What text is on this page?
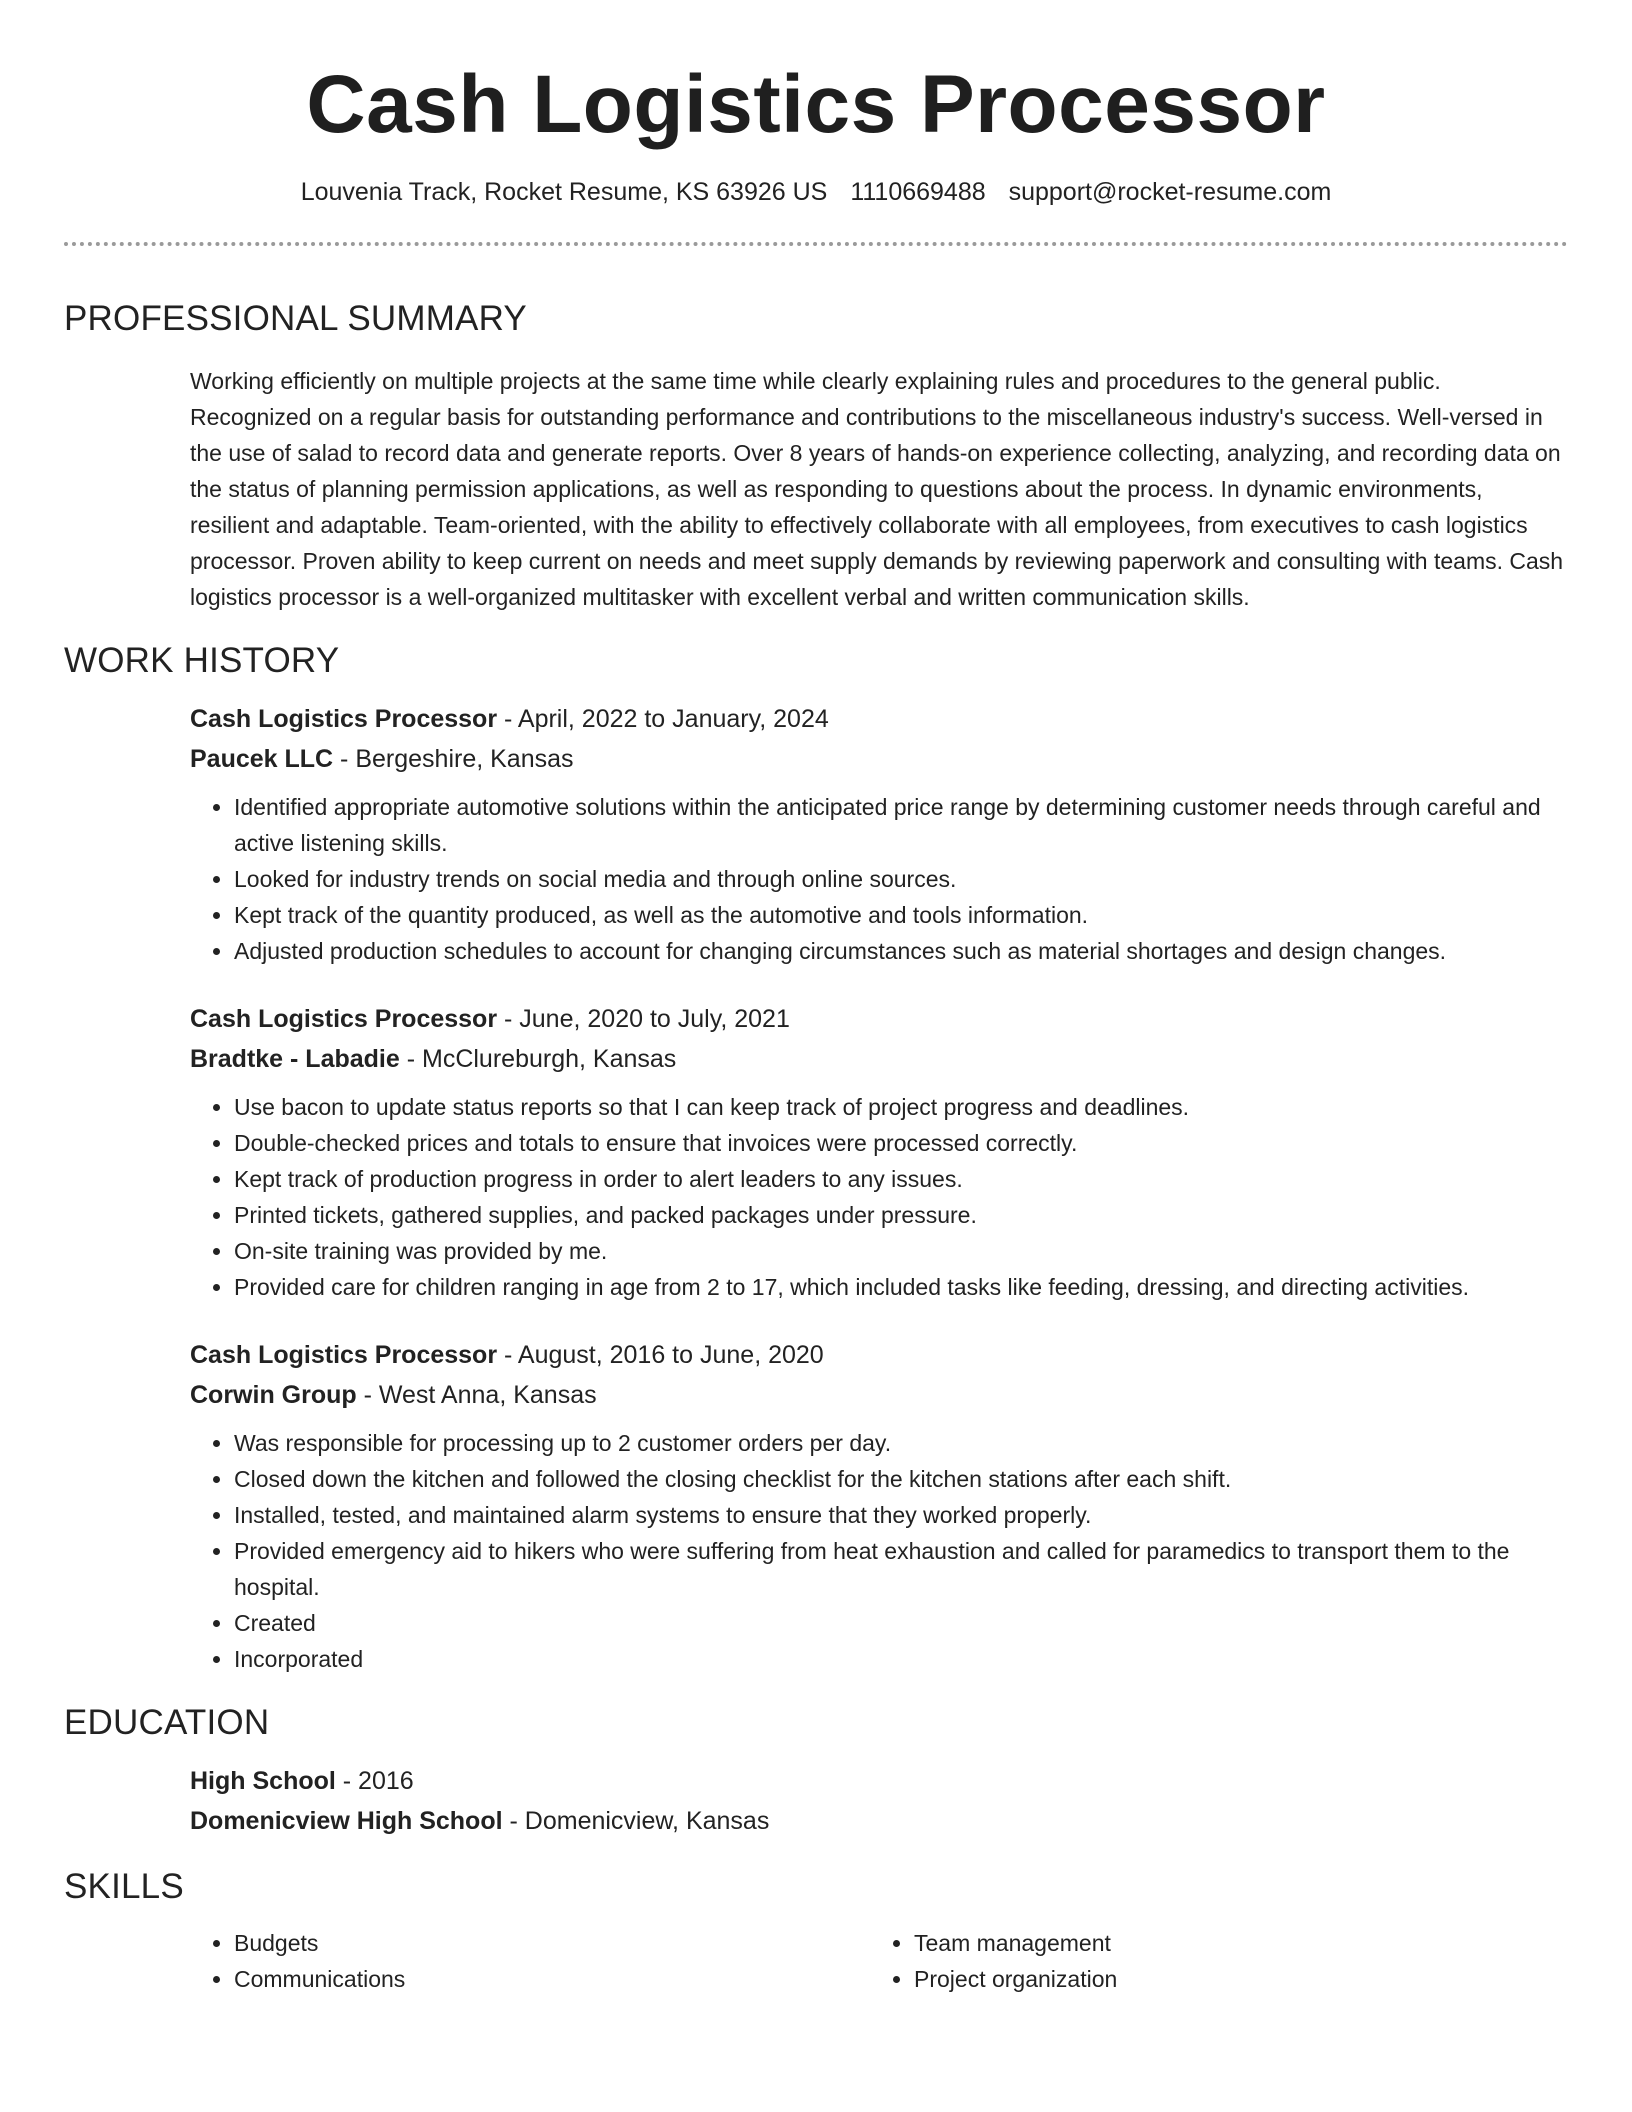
Cash Logistics Processor
Louvenia Track, Rocket Resume, KS 63926 US 1110669488 support@rocket-resume.com
PROFESSIONAL SUMMARY

Working efficiently on multiple projects at the same time while clearly explaining rules and procedures to the general public. Recognized on a regular basis for outstanding performance and contributions to the miscellaneous industry's success. Well-versed in the use of salad to record data and generate reports. Over 8 years of hands-on experience collecting, analyzing, and recording data on the status of planning permission applications, as well as responding to questions about the process. In dynamic environments, resilient and adaptable. Team-oriented, with the ability to effectively collaborate with all employees, from executives to cash logistics processor. Proven ability to keep current on needs and meet supply demands by reviewing paperwork and consulting with teams. Cash logistics processor is a well-organized multitasker with excellent verbal and written communication skills.

WORK HISTORY
Cash Logistics Processor - April, 2022 to January, 2024
Paucek LLC - Bergeshire, Kansas
• Identified appropriate automotive solutions within the anticipated price range by determining customer needs through careful and active listening skills.
• Looked for industry trends on social media and through online sources.
• Kept track of the quantity produced, as well as the automotive and tools information.
• Adjusted production schedules to account for changing circumstances such as material shortages and design changes.
Cash Logistics Processor - June, 2020 to July, 2021
Bradtke - Labadie - McClureburgh, Kansas
• Use bacon to update status reports so that I can keep track of project progress and deadlines.
• Double-checked prices and totals to ensure that invoices were processed correctly.
• Kept track of production progress in order to alert leaders to any issues.
• Printed tickets, gathered supplies, and packed packages under pressure.
• On-site training was provided by me.
• Provided care for children ranging in age from 2 to 17, which included tasks like feeding, dressing, and directing activities.
Cash Logistics Processor - August, 2016 to June, 2020
Corwin Group - West Anna, Kansas
• Was responsible for processing up to 2 customer orders per day.
• Closed down the kitchen and followed the closing checklist for the kitchen stations after each shift.
• Installed, tested, and maintained alarm systems to ensure that they worked properly.
• Provided emergency aid to hikers who were suffering from heat exhaustion and called for paramedics to transport them to the hospital.
• Created
• Incorporated
EDUCATION
High School - 2016
Domenicview High School - Domenicview, Kansas
SKILLS
• Budgets
• Communications
• Team management
• Project organization
